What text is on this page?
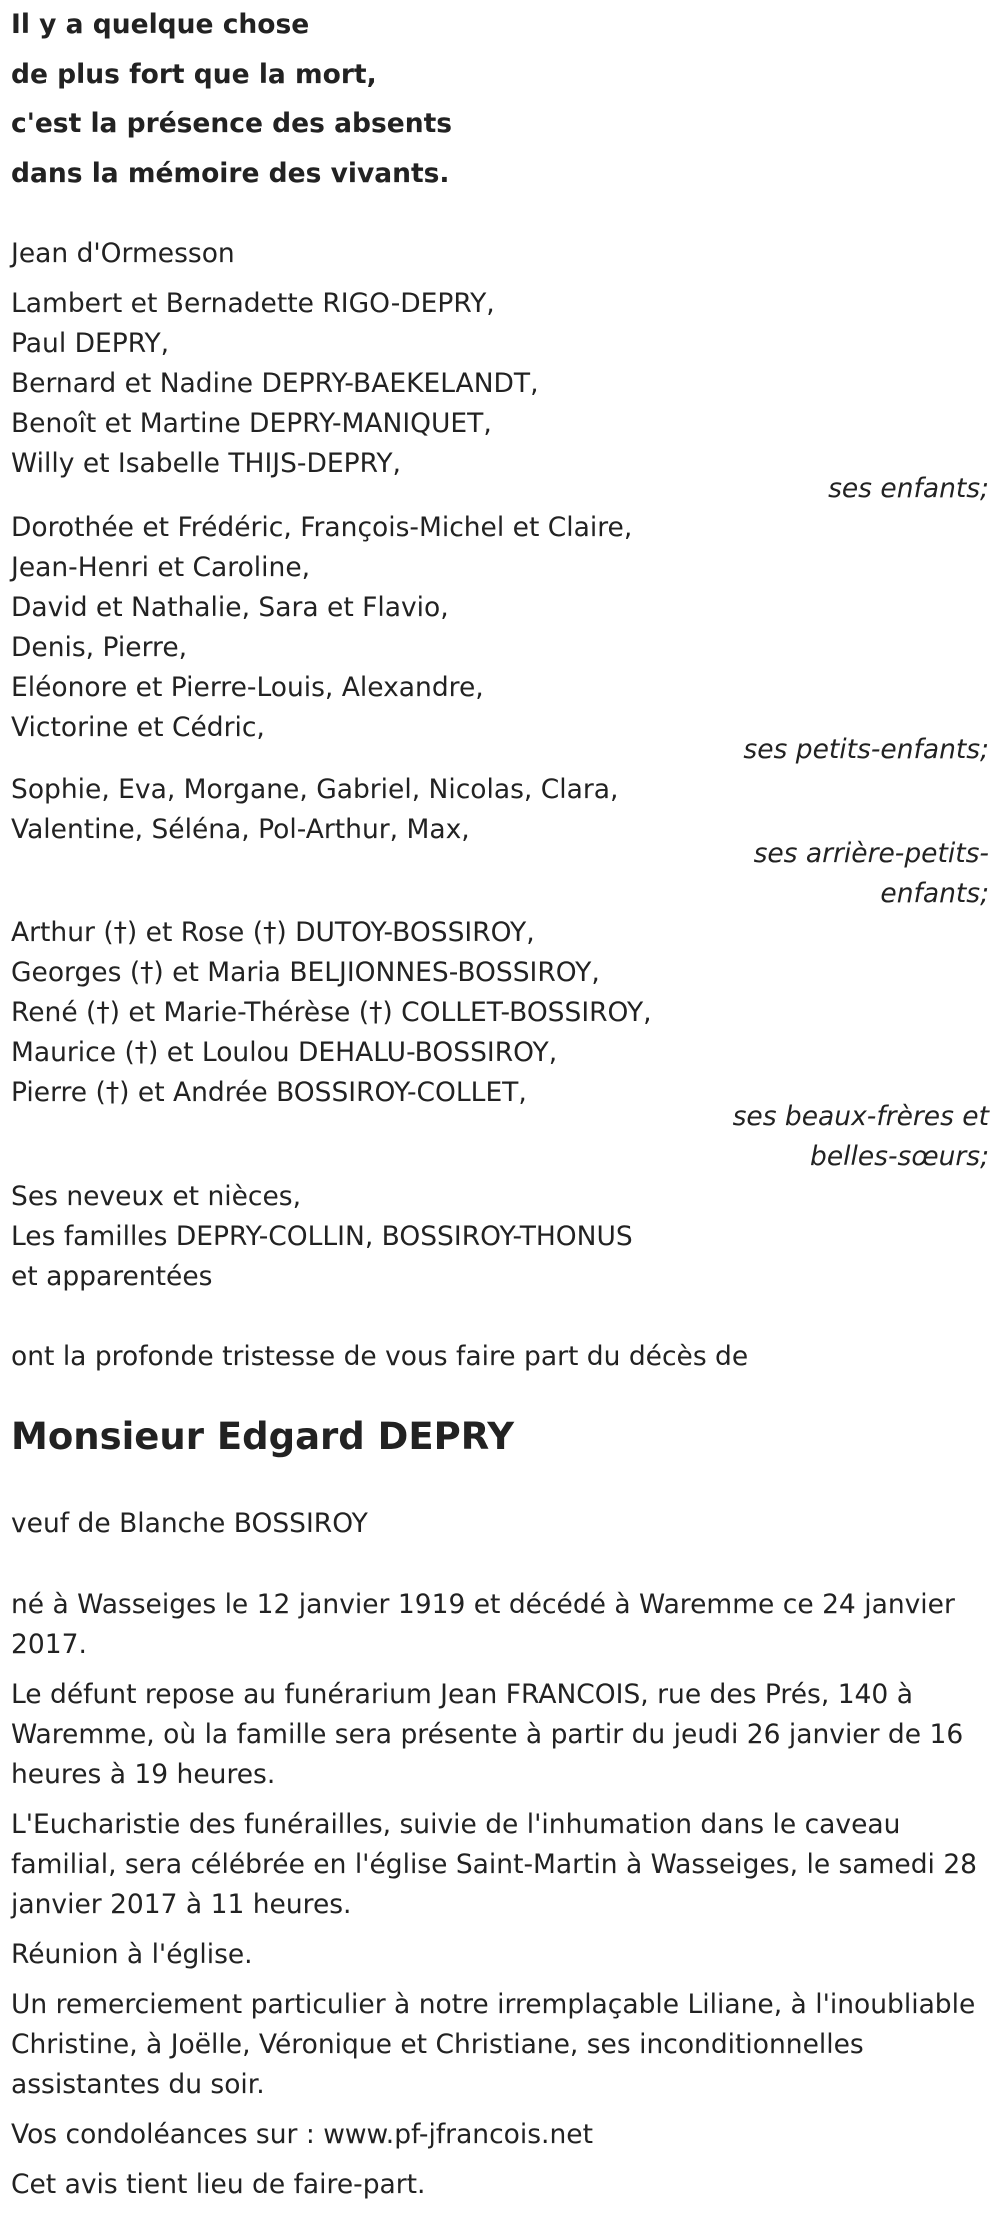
Il y a quelque chose

de plus fort que la mort,

c'est la présence des absents

dans la mémoire des vivants.

Jean d'Ormesson

Lambert et Bernadette RIGO-DEPRY,

Paul DEPRY,

Bernard et Nadine DEPRY-BAEKELANDT,

Benoît et Martine DEPRY-MANIQUET,

Willy et Isabelle THIJS-DEPRY,

ses enfants;

Dorothée et Frédéric, François-Michel et Claire,

Jean-Henri et Caroline,

David et Nathalie, Sara et Flavio,

Denis, Pierre,

Eléonore et Pierre-Louis, Alexandre,

Victorine et Cédric,

ses petits-enfants;

Sophie, Eva, Morgane, Gabriel, Nicolas, Clara,

Valentine, Séléna, Pol-Arthur, Max,

ses arrière-petits-

enfants;

Arthur (†) et Rose (†) DUTOY-BOSSIROY,

Georges (†) et Maria BELJIONNES-BOSSIROY,

René (†) et Marie-Thérèse (†) COLLET-BOSSIROY,

Maurice (†) et Loulou DEHALU-BOSSIROY,

Pierre (†) et Andrée BOSSIROY-COLLET,

ses beaux-frères et

belles-sœurs;

Ses neveux et nièces,

Les familles DEPRY-COLLIN, BOSSIROY-THONUS

et apparentées

ont la profonde tristesse de vous faire part du décès de

Monsieur Edgard DEPRY

veuf de Blanche BOSSIROY

né à Wasseiges le 12 janvier 1919 et décédé à Waremme ce 24 janvier

2017.

Le défunt repose au funérarium Jean FRANCOIS, rue des Prés, 140 à

Waremme, où la famille sera présente à partir du jeudi 26 janvier de 16

heures à 19 heures.

L'Eucharistie des funérailles, suivie de l'inhumation dans le caveau

familial, sera célébrée en l'église Saint-Martin à Wasseiges, le samedi 28

janvier 2017 à 11 heures.

Réunion à l'église.

Un remerciement particulier à notre irremplaçable Liliane, à l'inoubliable

Christine, à Joëlle, Véronique et Christiane, ses inconditionnelles

assistantes du soir.

Vos condoléances sur : www.pf-jfrancois.net

Cet avis tient lieu de faire-part.
